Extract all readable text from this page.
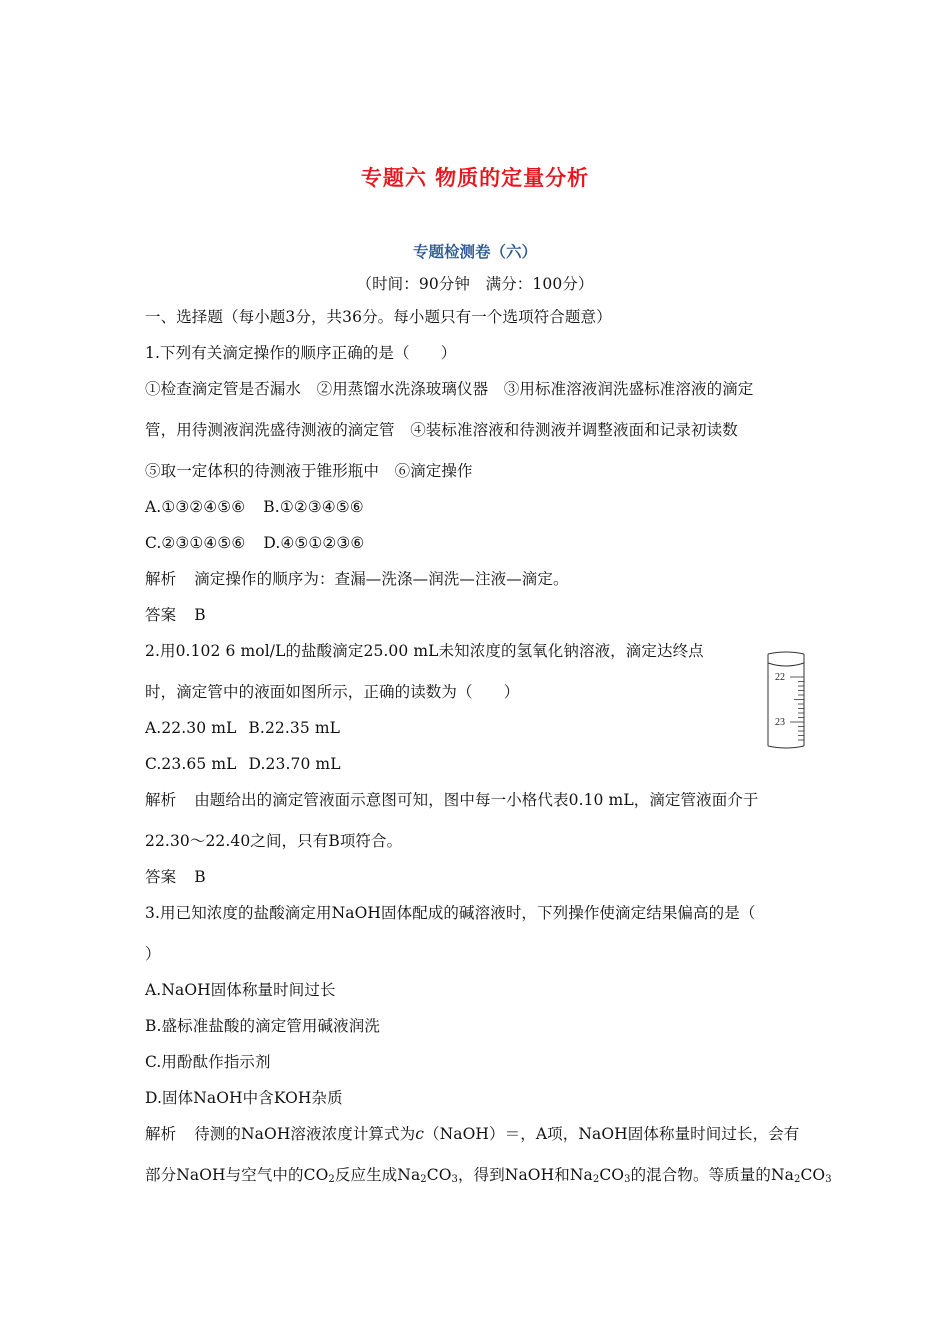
专题六 物质的定量分析
专题检测卷（六）
（时间：90分钟　满分：100分）
一、选择题（每小题3分，共36分。每小题只有一个选项符合题意）
1.下列有关滴定操作的顺序正确的是（　　）
①检查滴定管是否漏水　②用蒸馏水洗涤玻璃仪器　③用标准溶液润洗盛标准溶液的滴定
管，用待测液润洗盛待测液的滴定管　④装标准溶液和待测液并调整液面和记录初读数
⑤取一定体积的待测液于锥形瓶中　⑥滴定操作
A.①③②④⑤⑥ B.①②③④⑤⑥
C.②③①④⑤⑥ D.④⑤①②③⑥
解析 滴定操作的顺序为：查漏—洗涤—润洗—注液—滴定。
答案 B
2.用0.102 6 mol/L的盐酸滴定25.00 mL未知浓度的氢氧化钠溶液，滴定达终点
时，滴定管中的液面如图所示，正确的读数为（　　）
A.22.30 mL B.22.35 mL
C.23.65 mL D.23.70 mL
解析 由题给出的滴定管液面示意图可知，图中每一小格代表0.10 mL，滴定管液面介于
22.30～22.40之间，只有B项符合。
答案 B
22
23
3.用已知浓度的盐酸滴定用NaOH固体配成的碱溶液时，下列操作使滴定结果偏高的是（
）
A.NaOH固体称量时间过长
B.盛标准盐酸的滴定管用碱液润洗
C.用酚酞作指示剂
D.固体NaOH中含KOH杂质
解析 待测的NaOH溶液浓度计算式为c（NaOH）＝，A项，NaOH固体称量时间过长，会有
部分NaOH与空气中的$CO_2$反应生成$Na_2CO_3$，得到NaOH和$Na_2CO_3$的混合物。等质量的$Na_2CO_3$
